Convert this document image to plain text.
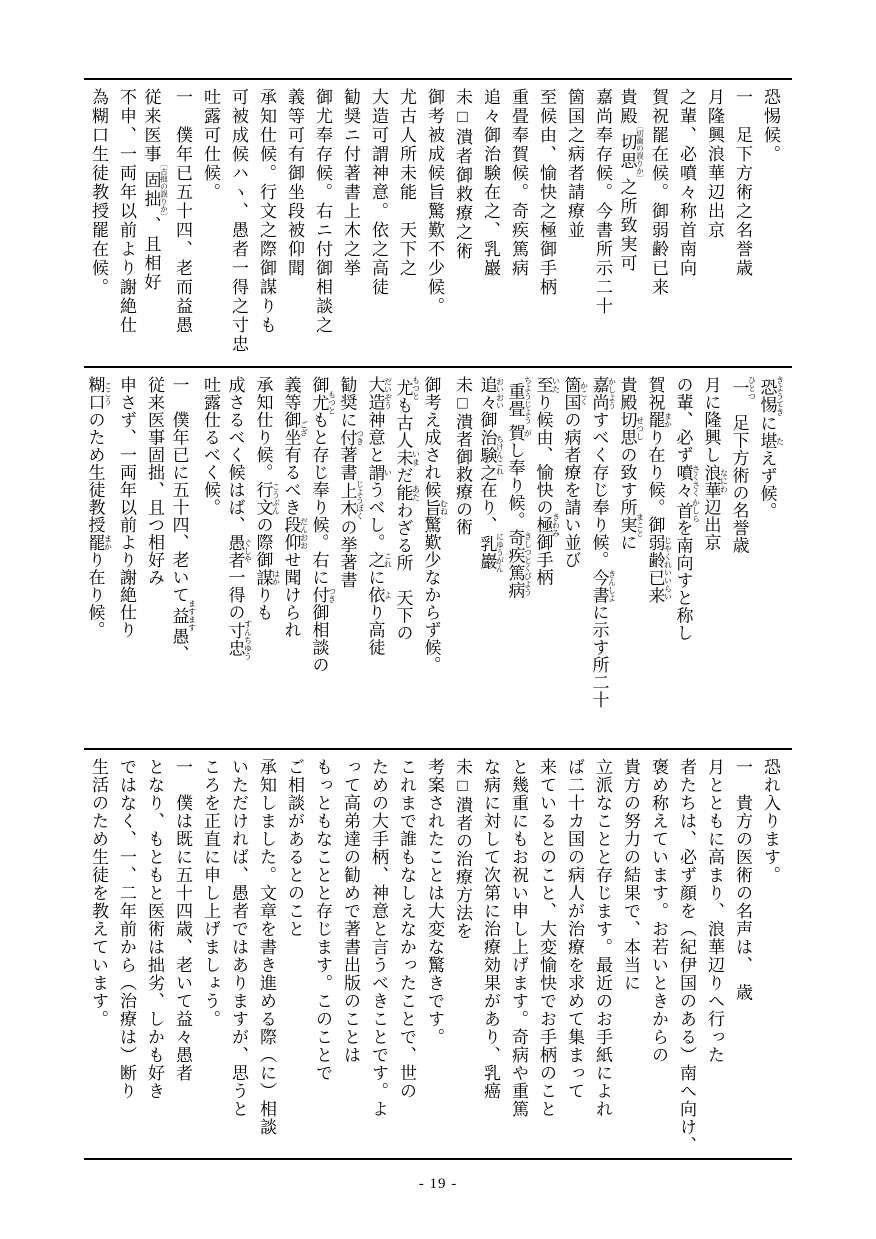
恐惕候。
一　足下方術之名誉歳
月隆興浪華辺出京
之輩、必噴々称首南向
賀祝罷在候。御弱齢已来
貴殿切思 〔切歯の誤りか〕之所致実可
嘉尚奉存候。今書所示二十
箇国之病者請療並
至候由、愉快之極御手柄
重畳奉賀候。奇疾篤病
追々御治験在之、乳巖
未□潰者御救療之術
御考被成候旨驚歎不少候。
尤古人所未能　天下之
大造可謂神意。依之高徒
勧奨ニ付著書上木之挙
御尤奉存候。右ニ付御相談之
義等可有御坐段被仰聞
承知仕候。行文之際御謀りも
可被成候ハヽ、愚者一得之寸忠
吐露可仕候。
一　僕年已五十四、老而益愚
従来医事固拙 〔古拙の誤りか〕、且相好
不申、一両年以前より謝絶仕
為糊口生徒教授罷在候。
恐惕 きようてきに堪 たえず候。
一 ひとつ　足下方術の名誉歳
月に隆興し浪華 なにわ辺出京
の輩、必ず噴々 さくさく首 かしらを南向すと称し
賀祝罷 まかり在り候。御弱齢已来 じやくれいいらい
貴殿切思 せつしの致す所実 まことに
嘉尚 かしようすべく存じ奉り候。今書 きんしよに示す所二十
箇国 かこくの病者療を請い並び
至 いたり候由、愉快の極 きわみ御手柄
重畳 ちようじよう賀 がし奉り候。奇疾篤病 きしつとくびよう
追々 おいおい御治験之 ちけんこれ在り、乳巖 にゆうがん
未□潰者御救療の術
御考え成され候旨 むね驚歎少なからず候。
尤 もつとも古人未 いまだ能 あたわざる所　天下の
大造 だいぞう神意と謂 いうべし。之 これに依 より高徒
勧奨に付 つき著書上木 じようぼくの挙著書
御尤 もつともと存じ奉り候。右に付 つき御相談の
義等御坐 ござ有るべき段仰 だんおおせ聞けられ
承知仕り候。行文 こうぶんの際御謀 はかりも
成さるべく候はば、愚者 ぐしや一得の寸忠 すんちゆう
吐露仕るべく候。
一　僕年已に五十四、老いて益 ますます愚、
従来医事固拙、且つ相好み
申さず、一両年以前より謝絶仕り
糊口 ここうのため生徒教授罷 まかり在り候。
恐れ入ります。
一　貴方の医術の名声は、　歳
月とともに高まり、浪華辺りへ行った
者たちは、必ず顔を（紀伊国のある）南へ向け、
褒め称えています。お若いときからの
貴方の努力の結果で、本当に
立派なことと存じます。最近のお手紙によれ
ば二十カ国の病人が治療を求めて集まって
来ているとのこと、大変愉快でお手柄のこと
と幾重にもお祝い申し上げます。奇病や重篤
な病に対して次第に治療効果があり、乳癌
未□潰者の治療方法を
考案されたことは大変な驚きです。
これまで誰もなしえなかったことで、世の
ための大手柄、神意と言うべきことです。よ
って高弟達の勧めで著書出版のことは
もっともなことと存じます。このことで
ご相談があるとのこと
承知しました。文章を書き進める際（に）相談
いただければ、愚者ではありますが、思うと
ころを正直に申し上げましょう。
一　僕は既に五十四歳、老いて益々愚者
となり、もともと医術は拙劣、しかも好き
ではなく、一、二年前から（治療は）断り
生活のため生徒を教えています。
- 19 -
